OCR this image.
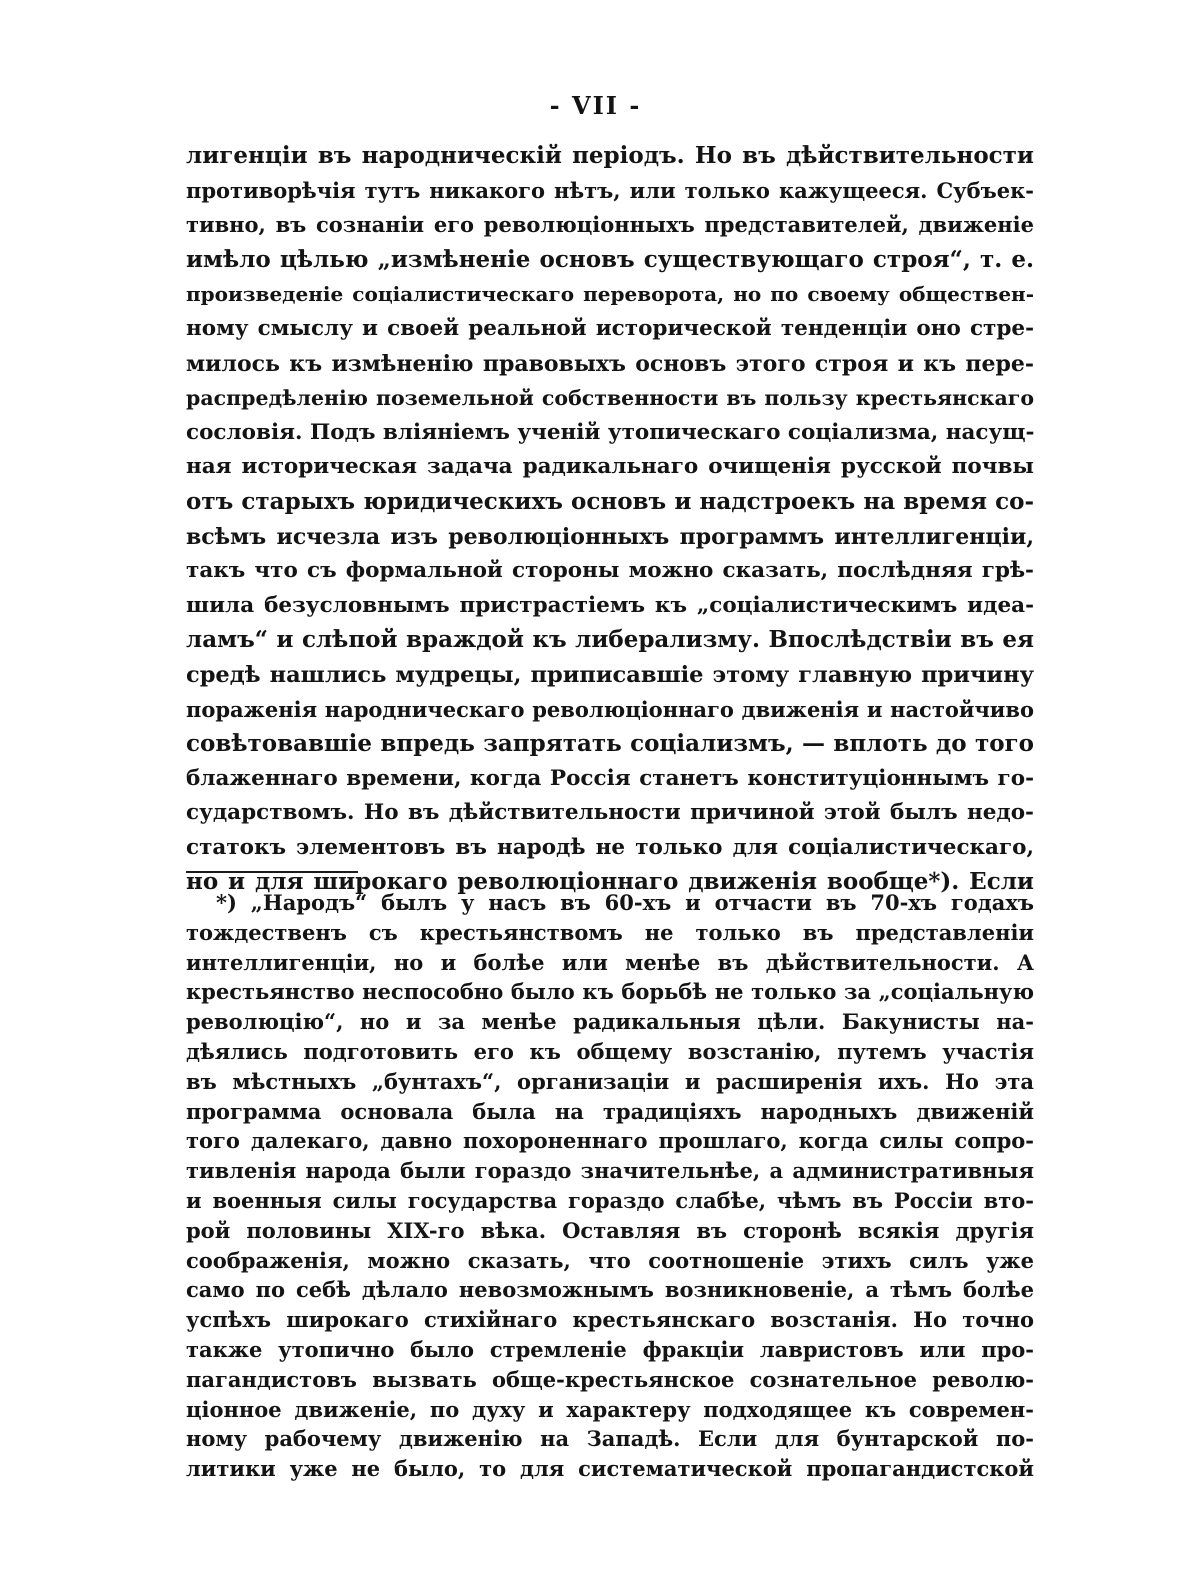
- VII -
лигенціи въ народническій періодъ. Но въ дѣйствительности
противорѣчія тутъ никакого нѣтъ, или только кажущееся. Субъек-
тивно, въ сознаніи его революціонныхъ представителей, движеніе
имѣло цѣлью „измѣненіе основъ существующаго строя“, т. е.
произведеніе соціалистическаго переворота, но по своему обществен-
ному смыслу и своей реальной исторической тенденціи оно стре-
милось къ измѣненію правовыхъ основъ этого строя и къ пере-
распредѣленію поземельной собственности въ пользу крестьянскаго
сословія. Подъ вліяніемъ ученій утопическаго соціализма, насущ-
ная историческая задача радикальнаго очищенія русской почвы
отъ старыхъ юридическихъ основъ и надстроекъ на время со-
всѣмъ исчезла изъ революціонныхъ программъ интеллигенціи,
такъ что съ формальной стороны можно сказать, послѣдняя грѣ-
шила безусловнымъ пристрастіемъ къ „соціалистическимъ идеа-
ламъ“ и слѣпой враждой къ либерализму. Впослѣдствіи въ ея
средѣ нашлись мудрецы, приписавшіе этому главную причину
пораженія народническаго революціоннаго движенія и настойчиво
совѣтовавшіе впредь запрятать соціализмъ, — вплоть до того
блаженнаго времени, когда Россія станетъ конституціоннымъ го-
сударствомъ. Но въ дѣйствительности причиной этой былъ недо-
статокъ элементовъ въ народѣ не только для соціалистическаго,
но и для широкаго революціоннаго движенія вообще*). Если
*) „Народъ“ былъ у насъ въ 60-хъ и отчасти въ 70-хъ годахъ
тождественъ съ крестьянствомъ не только въ представленіи
интеллигенціи, но и болѣе или менѣе въ дѣйствительности. А
крестьянство неспособно было къ борьбѣ не только за „соціальную
революцію“, но и за менѣе радикальныя цѣли. Бакунисты на-
дѣялись подготовить его къ общему возстанію, путемъ участія
въ мѣстныхъ „бунтахъ“, организаціи и расширенія ихъ. Но эта
программа основала была на традиціяхъ народныхъ движеній
того далекаго, давно похороненнаго прошлаго, когда силы сопро-
тивленія народа были гораздо значительнѣе, а административныя
и военныя силы государства гораздо слабѣе, чѣмъ въ Россіи вто-
рой половины XIX-го вѣка. Оставляя въ сторонѣ всякія другія
соображенія, можно сказать, что соотношеніе этихъ силъ уже
само по себѣ дѣлало невозможнымъ возникновеніе, а тѣмъ болѣе
успѣхъ широкаго стихійнаго крестьянскаго возстанія. Но точно
также утопично было стремленіе фракціи лавристовъ или про-
пагандистовъ вызвать обще-крестьянское сознательное револю-
ціонное движеніе, по духу и характеру подходящее къ современ-
ному рабочему движенію на Западѣ. Если для бунтарской по-
литики уже не было, то для систематической пропагандистской
